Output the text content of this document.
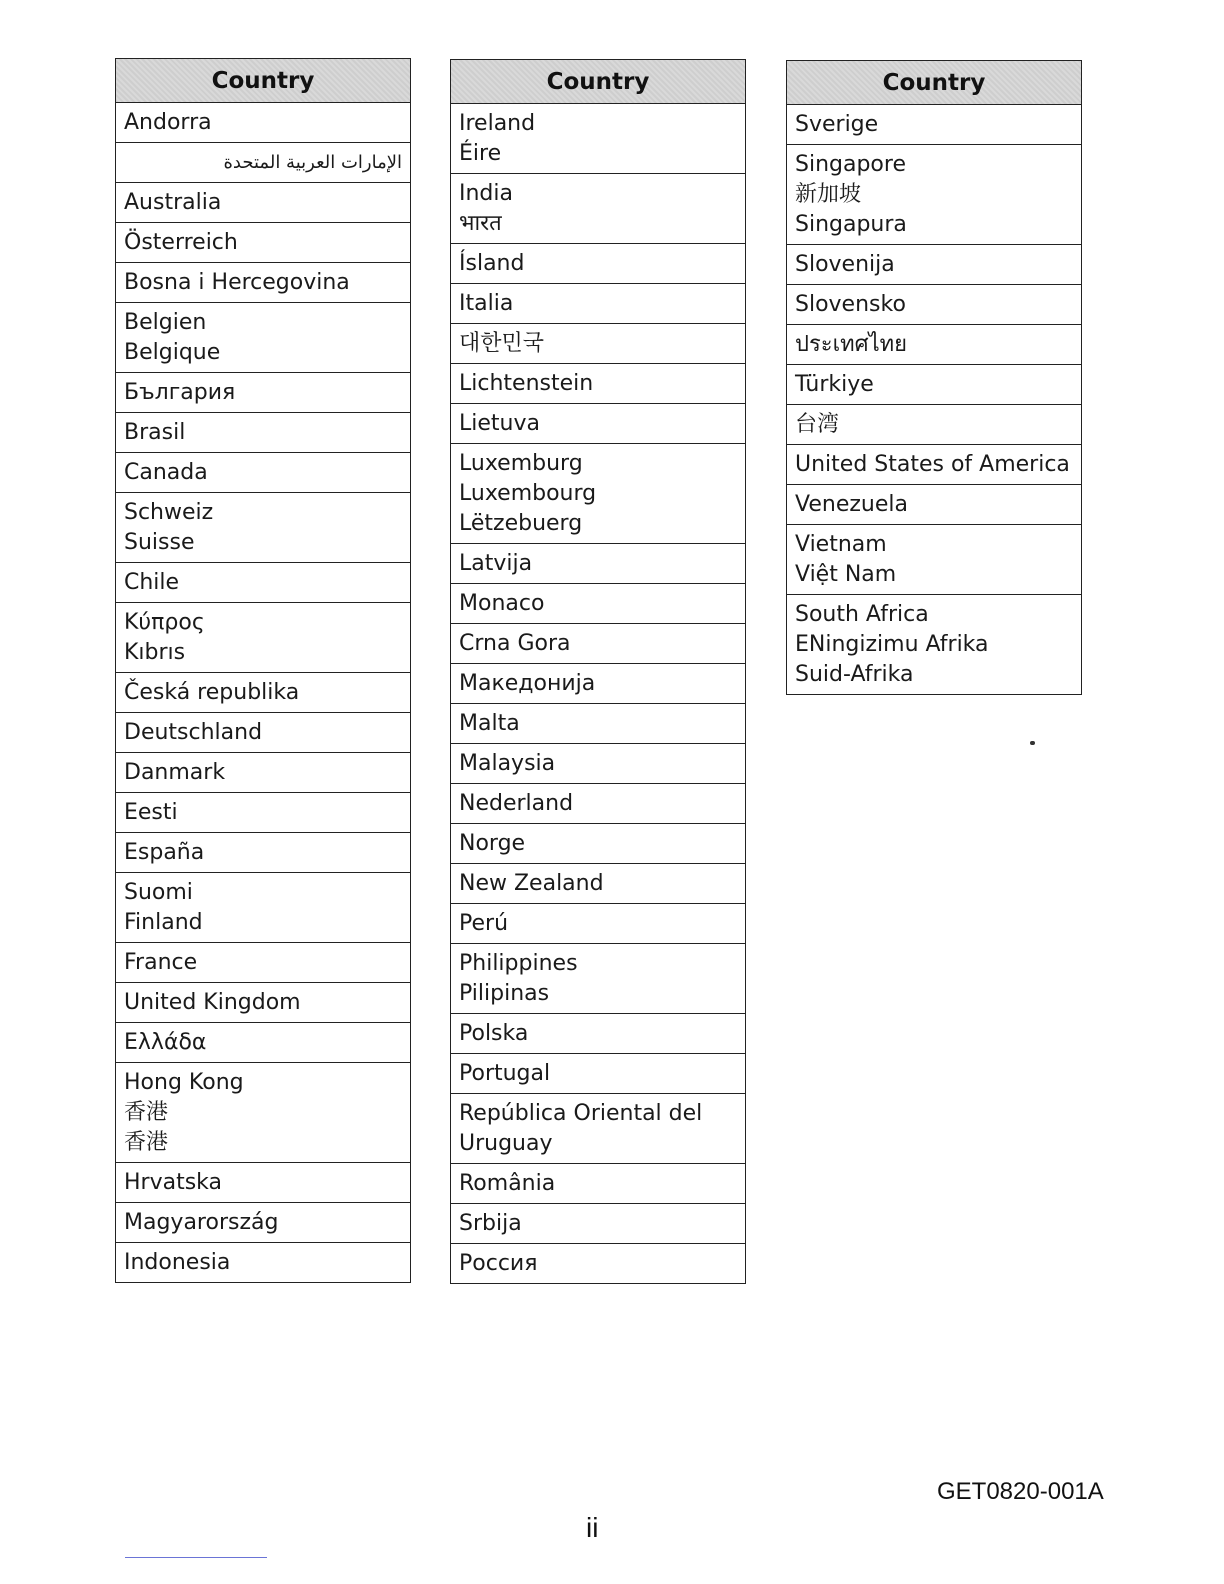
Country
Andorra
الإمارات العربية المتحدة
Australia
Österreich
Bosna i Hercegovina
Belgien
Belgique
България
Brasil
Canada
Schweiz
Suisse
Chile
Κύπρος
Kıbrıs
Česká republika
Deutschland
Danmark
Eesti
España
Suomi
Finland
France
United Kingdom
Ελλάδα
Hong Kong
香港
香港
Hrvatska
Magyarország
Indonesia
Country
Ireland
Éire
India
भारत
Ísland
Italia
대한민국
Lichtenstein
Lietuva
Luxemburg
Luxembourg
Lëtzebuerg
Latvija
Monaco
Crna Gora
Македонија
Malta
Malaysia
Nederland
Norge
New Zealand
Perú
Philippines
Pilipinas
Polska
Portugal
República Oriental del
Uruguay
România
Srbija
Россия
Country
Sverige
Singapore
新加坡
Singapura
Slovenija
Slovensko
ประเทศไทย
Türkiye
台湾
United States of America
Venezuela
Vietnam
Việt Nam
South Africa
ENingizimu Afrika
Suid-Afrika
GET0820-001A
ii
